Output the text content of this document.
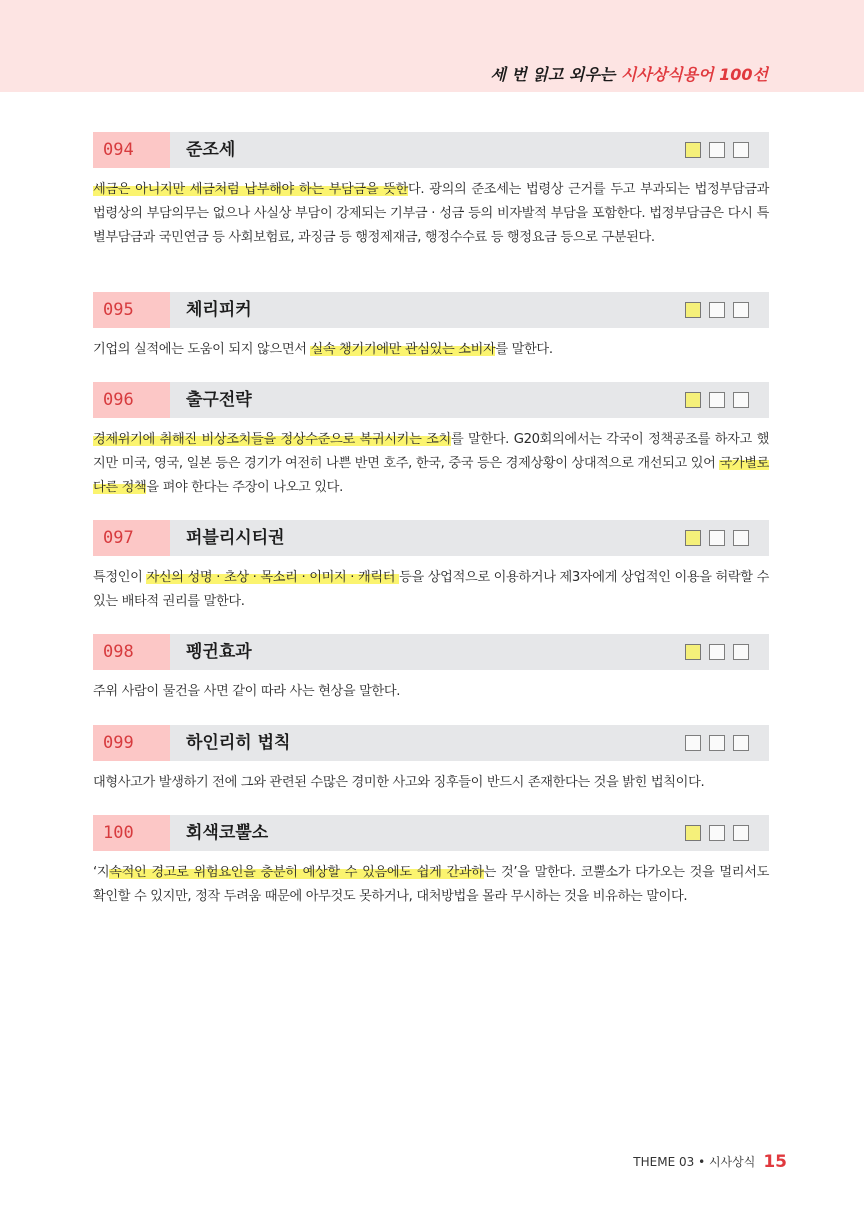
세 번 읽고 외우는 시사상식용어 100선
094	준조세
세금은 아니지만 세금처럼 납부해야 하는 부담금을 뜻한다. 광의의 준조세는 법령상 근거를 두고 부과되는 법정부담금과 법령상의 부담의무는 없으나 사실상 부담이 강제되는 기부금 · 성금 등의 비자발적 부담을 포함한다. 법정부담금은 다시 특별부담금과 국민연금 등 사회보험료, 과징금 등 행정제재금, 행정수수료 등 행정요금 등으로 구분된다.
095	체리피커
기업의 실적에는 도움이 되지 않으면서 실속 챙기기에만 관심있는 소비자를 말한다.
096	출구전략
경제위기에 취해진 비상조치들을 정상수준으로 복귀시키는 조치를 말한다. G20회의에서는 각국이 정책공조를 하자고 했지만 미국, 영국, 일본 등은 경기가 여전히 나쁜 반면 호주, 한국, 중국 등은 경제상황이 상대적으로 개선되고 있어 국가별로 다른 정책을 펴야 한다는 주장이 나오고 있다.
097	퍼블리시티권
특정인이 자신의 성명 · 초상 · 목소리 · 이미지 · 캐릭터 등을 상업적으로 이용하거나 제3자에게 상업적인 이용을 허락할 수 있는 배타적 권리를 말한다.
098	펭귄효과
주위 사람이 물건을 사면 같이 따라 사는 현상을 말한다.
099	하인리히 법칙
대형사고가 발생하기 전에 그와 관련된 수많은 경미한 사고와 징후들이 반드시 존재한다는 것을 밝힌 법칙이다.
100	회색코뿔소
‘지속적인 경고로 위험요인을 충분히 예상할 수 있음에도 쉽게 간과하는 것’을 말한다. 코뿔소가 다가오는 것을 멀리서도 확인할 수 있지만, 정작 두려움 때문에 아무것도 못하거나, 대처방법을 몰라 무시하는 것을 비유하는 말이다.
THEME 03 • 시사상식 15
